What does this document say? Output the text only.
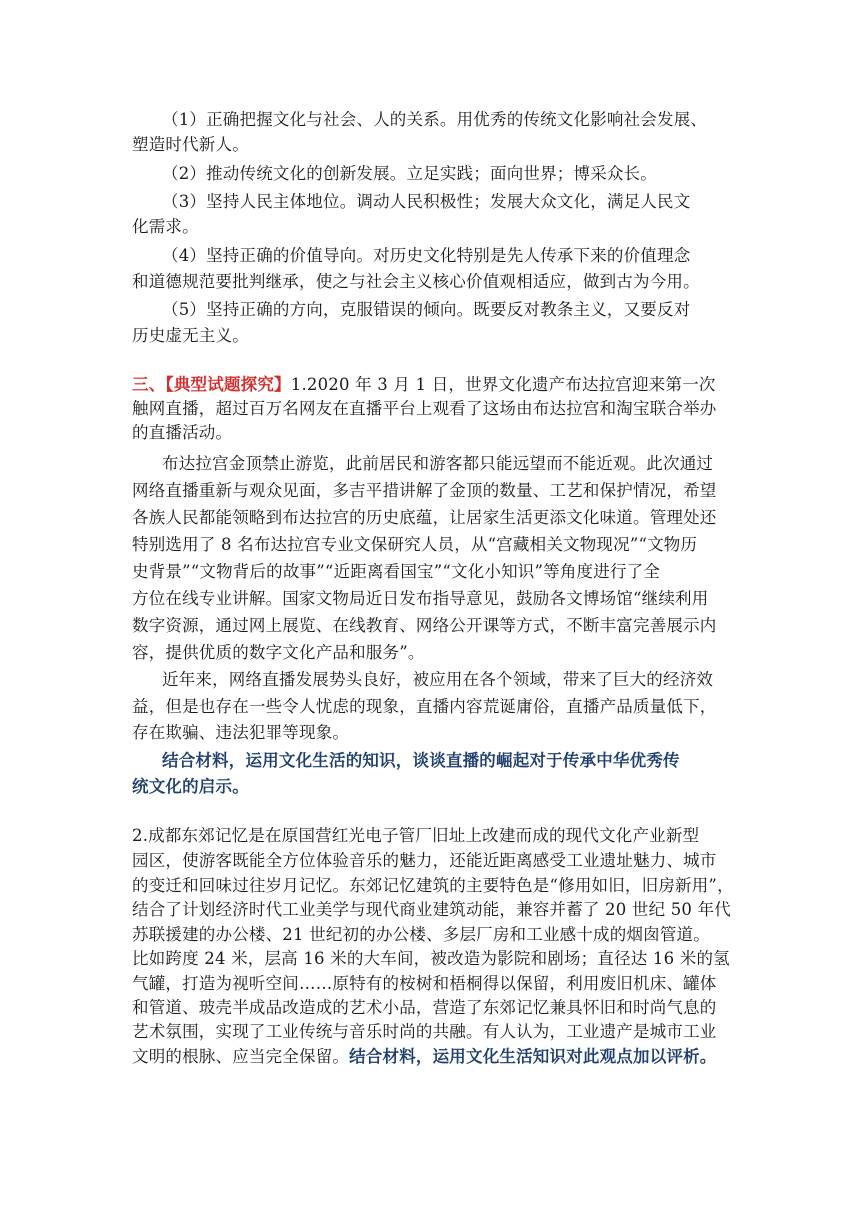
（1）正确把握文化与社会、人的关系。用优秀的传统文化影响社会发展、
塑造时代新人。
（2）推动传统文化的创新发展。立足实践；面向世界；博采众长。
（3）坚持人民主体地位。调动人民积极性；发展大众文化，满足人民文
化需求。
（4）坚持正确的价值导向。对历史文化特别是先人传承下来的价值理念
和道德规范要批判继承，使之与社会主义核心价值观相适应，做到古为今用。
（5）坚持正确的方向，克服错误的倾向。既要反对教条主义，又要反对
历史虚无主义。
三、【典型试题探究】1.2020 年 3 月 1 日，世界文化遗产布达拉宫迎来第一次
触网直播，超过百万名网友在直播平台上观看了这场由布达拉宫和淘宝联合举办
的直播活动。
布达拉宫金顶禁止游览，此前居民和游客都只能远望而不能近观。此次通过
网络直播重新与观众见面，多吉平措讲解了金顶的数量、工艺和保护情况，希望
各族人民都能领略到布达拉宫的历史底蕴，让居家生活更添文化味道。管理处还
特别选用了 8 名布达拉宫专业文保研究人员，从“宫藏相关文物现况”“文物历
史背景”“文物背后的故事”“近距离看国宝”“文化小知识”等角度进行了全
方位在线专业讲解。国家文物局近日发布指导意见，鼓励各文博场馆“继续利用
数字资源，通过网上展览、在线教育、网络公开课等方式，不断丰富完善展示内
容，提供优质的数字文化产品和服务”。
近年来，网络直播发展势头良好，被应用在各个领域，带来了巨大的经济效
益，但是也存在一些令人忧虑的现象，直播内容荒诞庸俗，直播产品质量低下，
存在欺骗、违法犯罪等现象。
结合材料，运用文化生活的知识，谈谈直播的崛起对于传承中华优秀传
统文化的启示。
2.成都东郊记忆是在原国营红光电子管厂旧址上改建而成的现代文化产业新型
园区，使游客既能全方位体验音乐的魅力，还能近距离感受工业遗址魅力、城市
的变迁和回味过往岁月记忆。东郊记忆建筑的主要特色是“修用如旧，旧房新用”，
结合了计划经济时代工业美学与现代商业建筑动能，兼容并蓄了 20 世纪 50 年代
苏联援建的办公楼、21 世纪初的办公楼、多层厂房和工业感十成的烟囱管道。
比如跨度 24 米，层高 16 米的大车间，被改造为影院和剧场；直径达 16 米的氢
气罐，打造为视听空间……原特有的桉树和梧桐得以保留，利用废旧机床、罐体
和管道、玻壳半成品改造成的艺术小品，营造了东郊记忆兼具怀旧和时尚气息的
艺术氛围，实现了工业传统与音乐时尚的共融。有人认为，工业遗产是城市工业
文明的根脉、应当完全保留。结合材料，运用文化生活知识对此观点加以评析。
